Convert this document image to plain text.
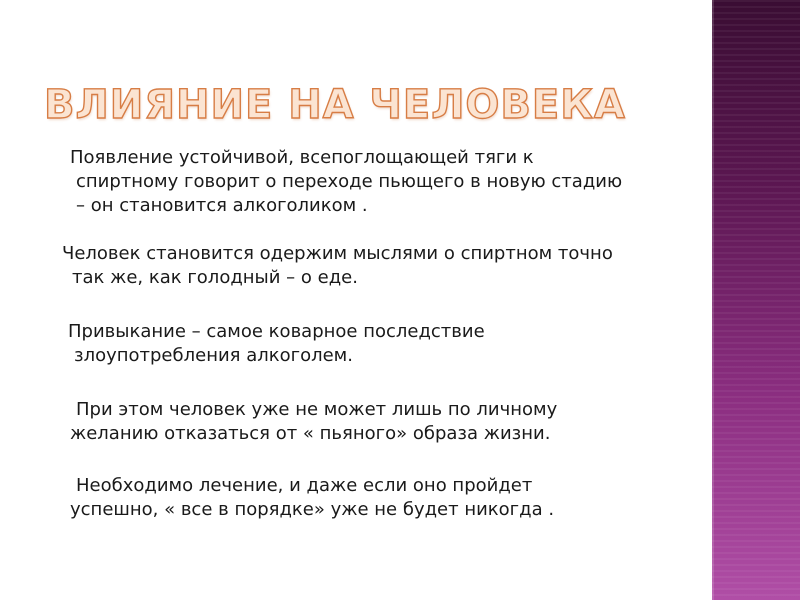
ВЛИЯНИЕ НА ЧЕЛОВЕКА

Появление устойчивой, всепоглощающей тяги к
спиртному говорит о переходе пьющего в новую стадию
– он становится алкоголиком .

Человек становится одержим мыслями о спиртном точно
так же, как голодный – о еде.

Привыкание – самое коварное последствие
злоупотребления алкоголем.

При этом человек уже не может лишь по личному
желанию отказаться от « пьяного» образа жизни.

Необходимо лечение, и даже если оно пройдет
успешно, « все в порядке» уже не будет никогда .
